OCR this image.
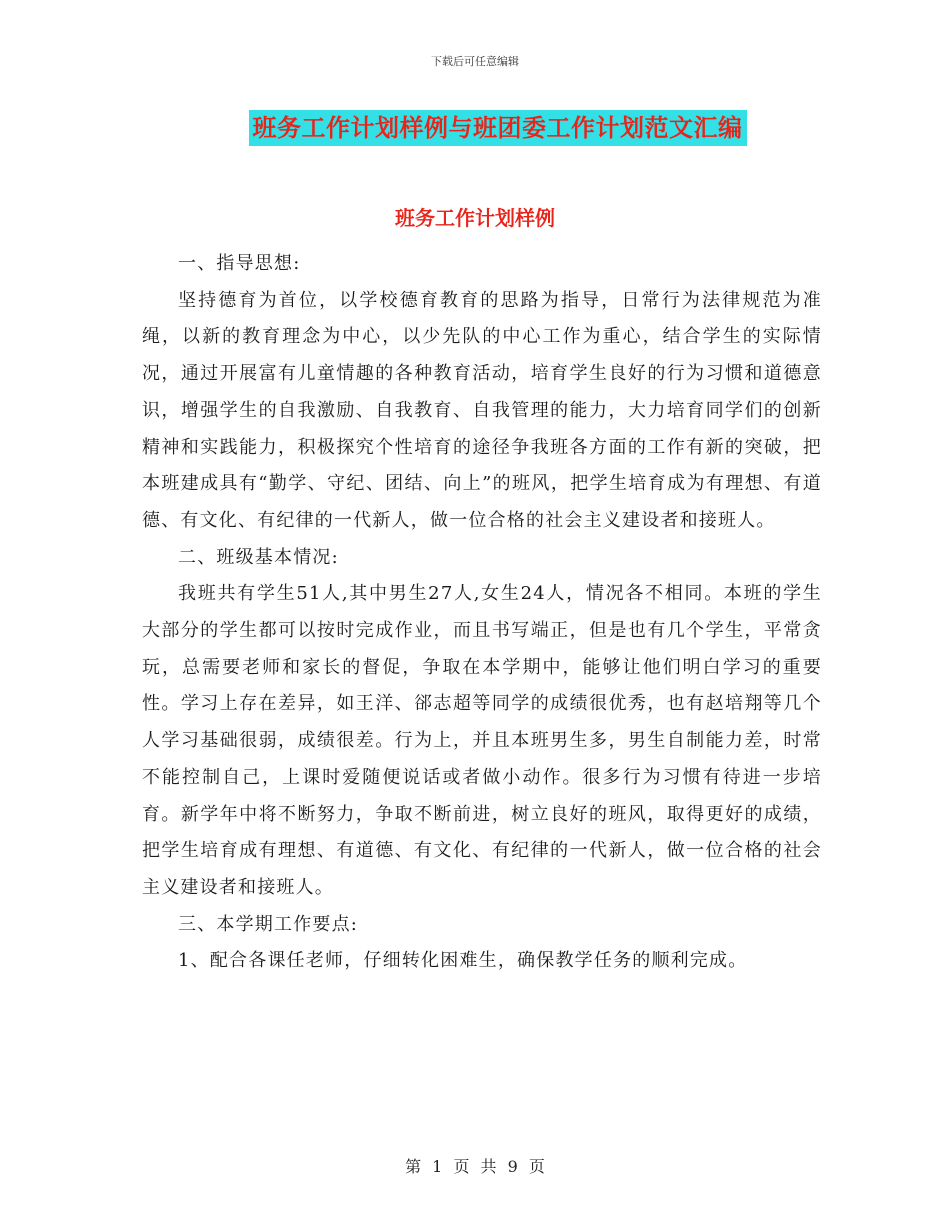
下载后可任意编辑
班务工作计划样例与班团委工作计划范文汇编
班务工作计划样例

一、指导思想:

坚持德育为首位，以学校德育教育的思路为指导，日常行为法律规范为准绳，以新的教育理念为中心，以少先队的中心工作为重心，结合学生的实际情况，通过开展富有儿童情趣的各种教育活动，培育学生良好的行为习惯和道德意识，增强学生的自我激励、自我教育、自我管理的能力，大力培育同学们的创新精神和实践能力，积极探究个性培育的途径争我班各方面的工作有新的突破，把本班建成具有“勤学、守纪、团结、向上”的班风，把学生培育成为有理想、有道德、有文化、有纪律的一代新人，做一位合格的社会主义建设者和接班人。

二、班级基本情况:

我班共有学生51人,其中男生27人,女生24人，情况各不相同。本班的学生大部分的学生都可以按时完成作业，而且书写端正，但是也有几个学生，平常贪玩，总需要老师和家长的督促，争取在本学期中，能够让他们明白学习的重要性。学习上存在差异，如王洋、郤志超等同学的成绩很优秀，也有赵培翔等几个人学习基础很弱，成绩很差。行为上，并且本班男生多，男生自制能力差，时常不能控制自己，上课时爱随便说话或者做小动作。很多行为习惯有待进一步培育。新学年中将不断努力，争取不断前进，树立良好的班风，取得更好的成绩，把学生培育成有理想、有道德、有文化、有纪律的一代新人，做一位合格的社会主义建设者和接班人。

三、本学期工作要点:

1、配合各课任老师，仔细转化困难生，确保教学任务的顺利完成。

第 1 页 共 9 页
